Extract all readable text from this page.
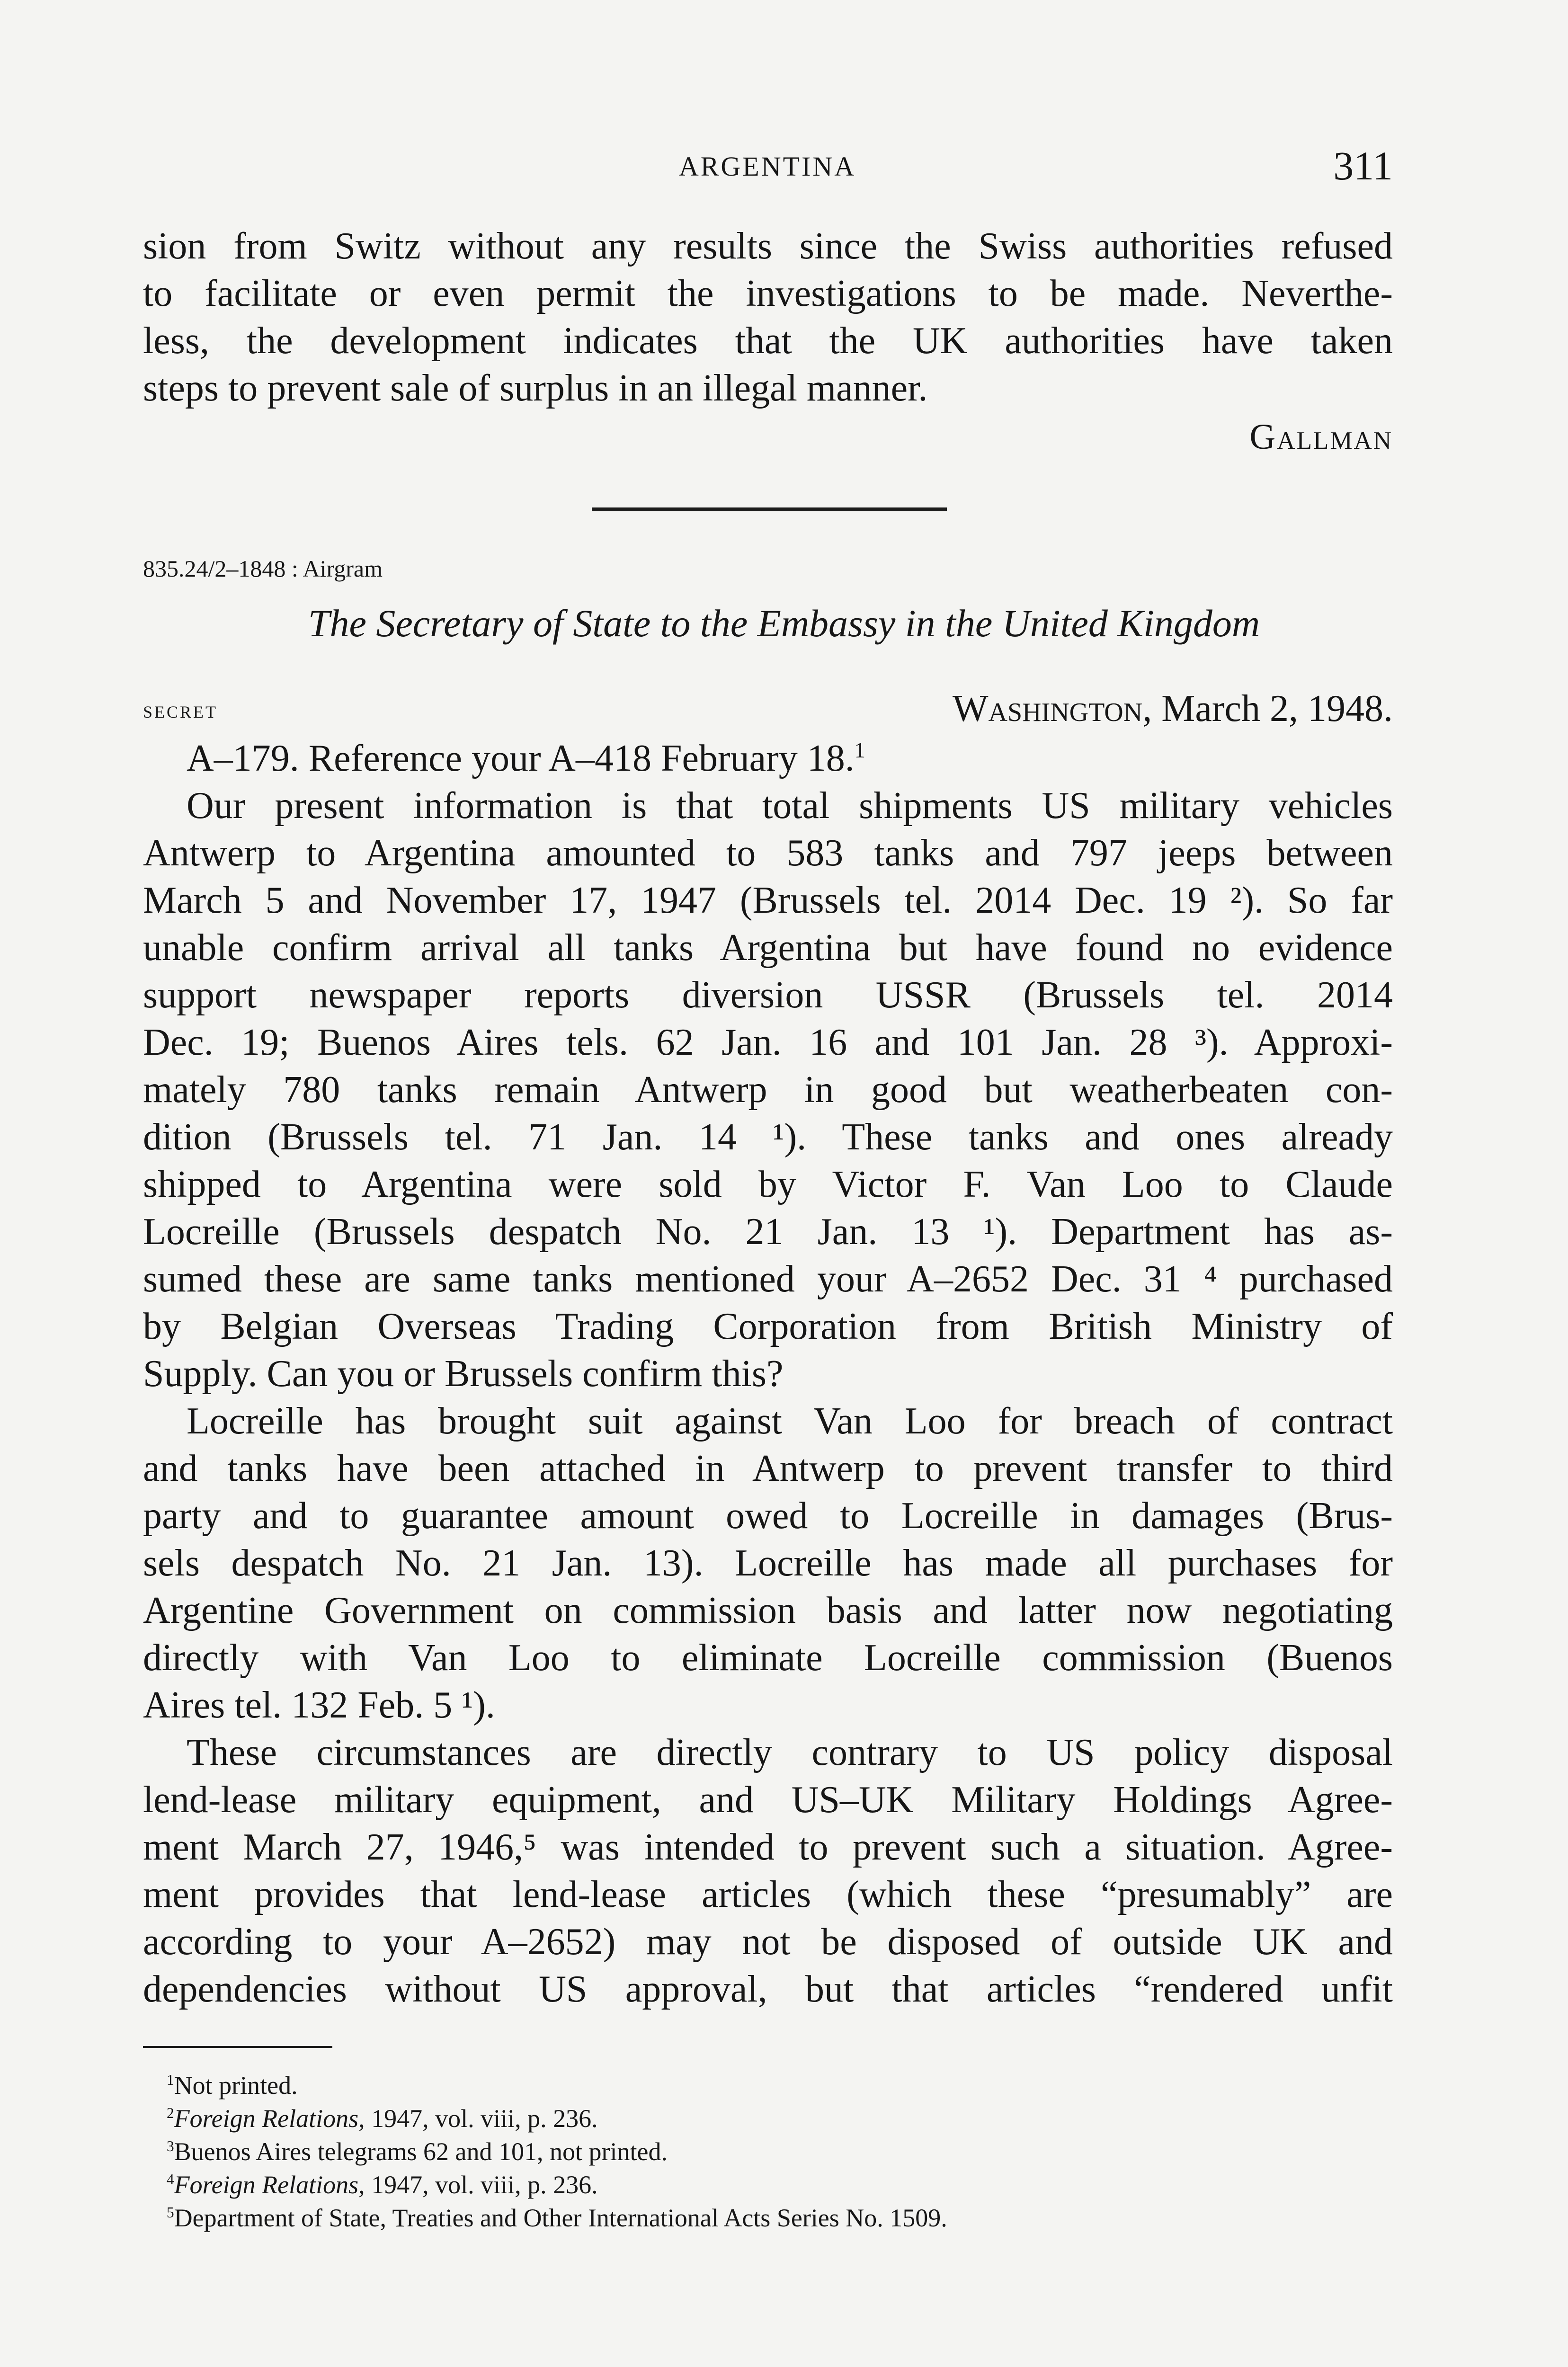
ARGENTINA	311
sion from Switz without any results since the Swiss authorities refused
to facilitate or even permit the investigations to be made. Neverthe-
less, the development indicates that the UK authorities have taken
steps to prevent sale of surplus in an illegal manner.
Gallman
835.24/2–1848 : Airgram
The Secretary of State to the Embassy in the United Kingdom
secret	Washington, March 2, 1948.
A–179. Reference your A–418 February 18.$^1$
Our present information is that total shipments US military vehicles
Antwerp to Argentina amounted to 583 tanks and 797 jeeps between
March 5 and November 17, 1947 (Brussels tel. 2014 Dec. 19 ²). So far
unable confirm arrival all tanks Argentina but have found no evidence
support newspaper reports diversion USSR (Brussels tel. 2014
Dec. 19; Buenos Aires tels. 62 Jan. 16 and 101 Jan. 28 ³). Approxi-
mately 780 tanks remain Antwerp in good but weatherbeaten con-
dition (Brussels tel. 71 Jan. 14 ¹). These tanks and ones already
shipped to Argentina were sold by Victor F. Van Loo to Claude
Locreille (Brussels despatch No. 21 Jan. 13 ¹). Department has as-
sumed these are same tanks mentioned your A–2652 Dec. 31 ⁴ purchased
by Belgian Overseas Trading Corporation from British Ministry of
Supply. Can you or Brussels confirm this?
Locreille has brought suit against Van Loo for breach of contract
and tanks have been attached in Antwerp to prevent transfer to third
party and to guarantee amount owed to Locreille in damages (Brus-
sels despatch No. 21 Jan. 13). Locreille has made all purchases for
Argentine Government on commission basis and latter now negotiating
directly with Van Loo to eliminate Locreille commission (Buenos
Aires tel. 132 Feb. 5 ¹).
These circumstances are directly contrary to US policy disposal
lend-lease military equipment, and US–UK Military Holdings Agree-
ment March 27, 1946,⁵ was intended to prevent such a situation. Agree-
ment provides that lend-lease articles (which these “presumably” are
according to your A–2652) may not be disposed of outside UK and
dependencies without US approval, but that articles “rendered unfit
$^1$Not printed.
$^2$Foreign Relations, 1947, vol. viii, p. 236.
$^3$Buenos Aires telegrams 62 and 101, not printed.
$^4$Foreign Relations, 1947, vol. viii, p. 236.
$^5$Department of State, Treaties and Other International Acts Series No. 1509.
